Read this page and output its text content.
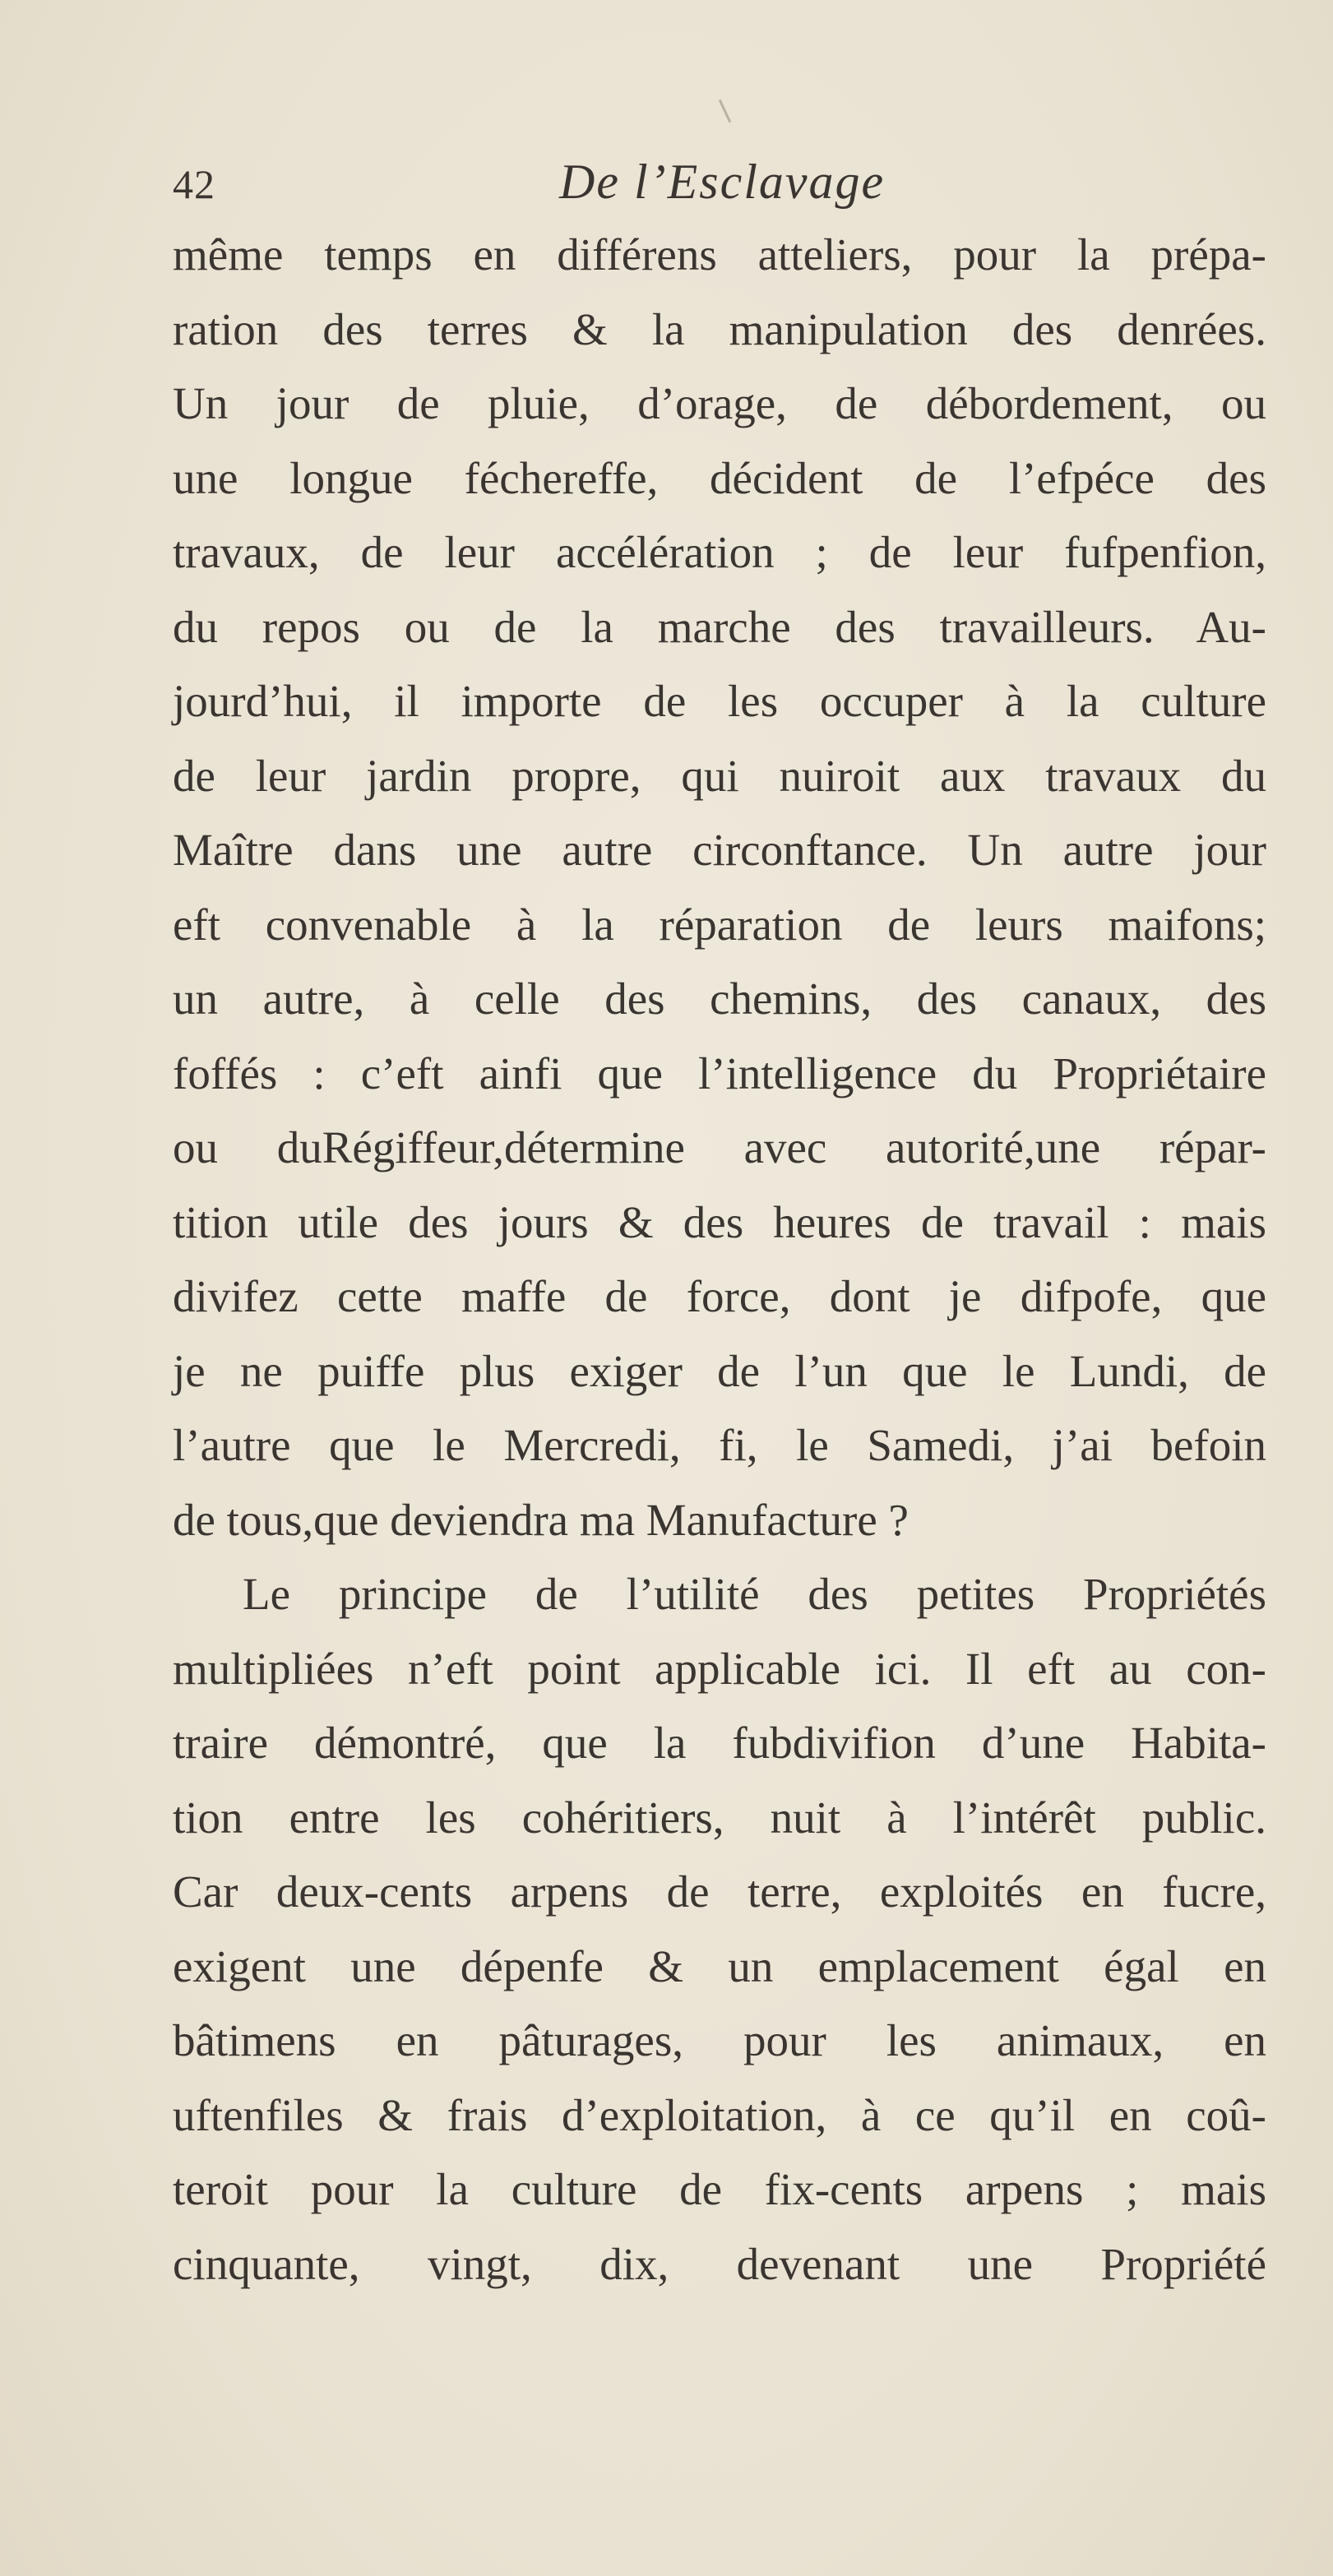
42	De l’Esclavage
même temps en différens atteliers, pour la prépa-
ration des terres & la manipulation des denrées.
Un jour de pluie, d’orage, de débordement, ou
une longue féchereffe, décident de l’efpéce des
travaux, de leur accélération ; de leur fufpenfion,
du repos ou de la marche des travailleurs. Au-
jourd’hui, il importe de les occuper à la culture
de leur jardin propre, qui nuiroit aux travaux du
Maître dans une autre circonftance. Un autre jour
eft convenable à la réparation de leurs maifons;
un autre, à celle des chemins, des canaux, des
foffés : c’eft ainfi que l’intelligence du Propriétaire
ou duRégiffeur,détermine avec autorité,une répar-
tition utile des jours & des heures de travail : mais
divifez cette maffe de force, dont je difpofe, que
je ne puiffe plus exiger de l’un que le Lundi, de
l’autre que le Mercredi, fi, le Samedi, j’ai befoin
de tous,que deviendra ma Manufacture ?
Le principe de l’utilité des petites Propriétés
multipliées n’eft point applicable ici. Il eft au con-
traire démontré, que la fubdivifion d’une Habita-
tion entre les cohéritiers, nuit à l’intérêt public.
Car deux-cents arpens de terre, exploités en fucre,
exigent une dépenfe & un emplacement égal en
bâtimens en pâturages, pour les animaux, en
uftenfiles & frais d’exploitation, à ce qu’il en coû-
teroit pour la culture de fix-cents arpens ; mais
cinquante, vingt, dix, devenant une Propriété
